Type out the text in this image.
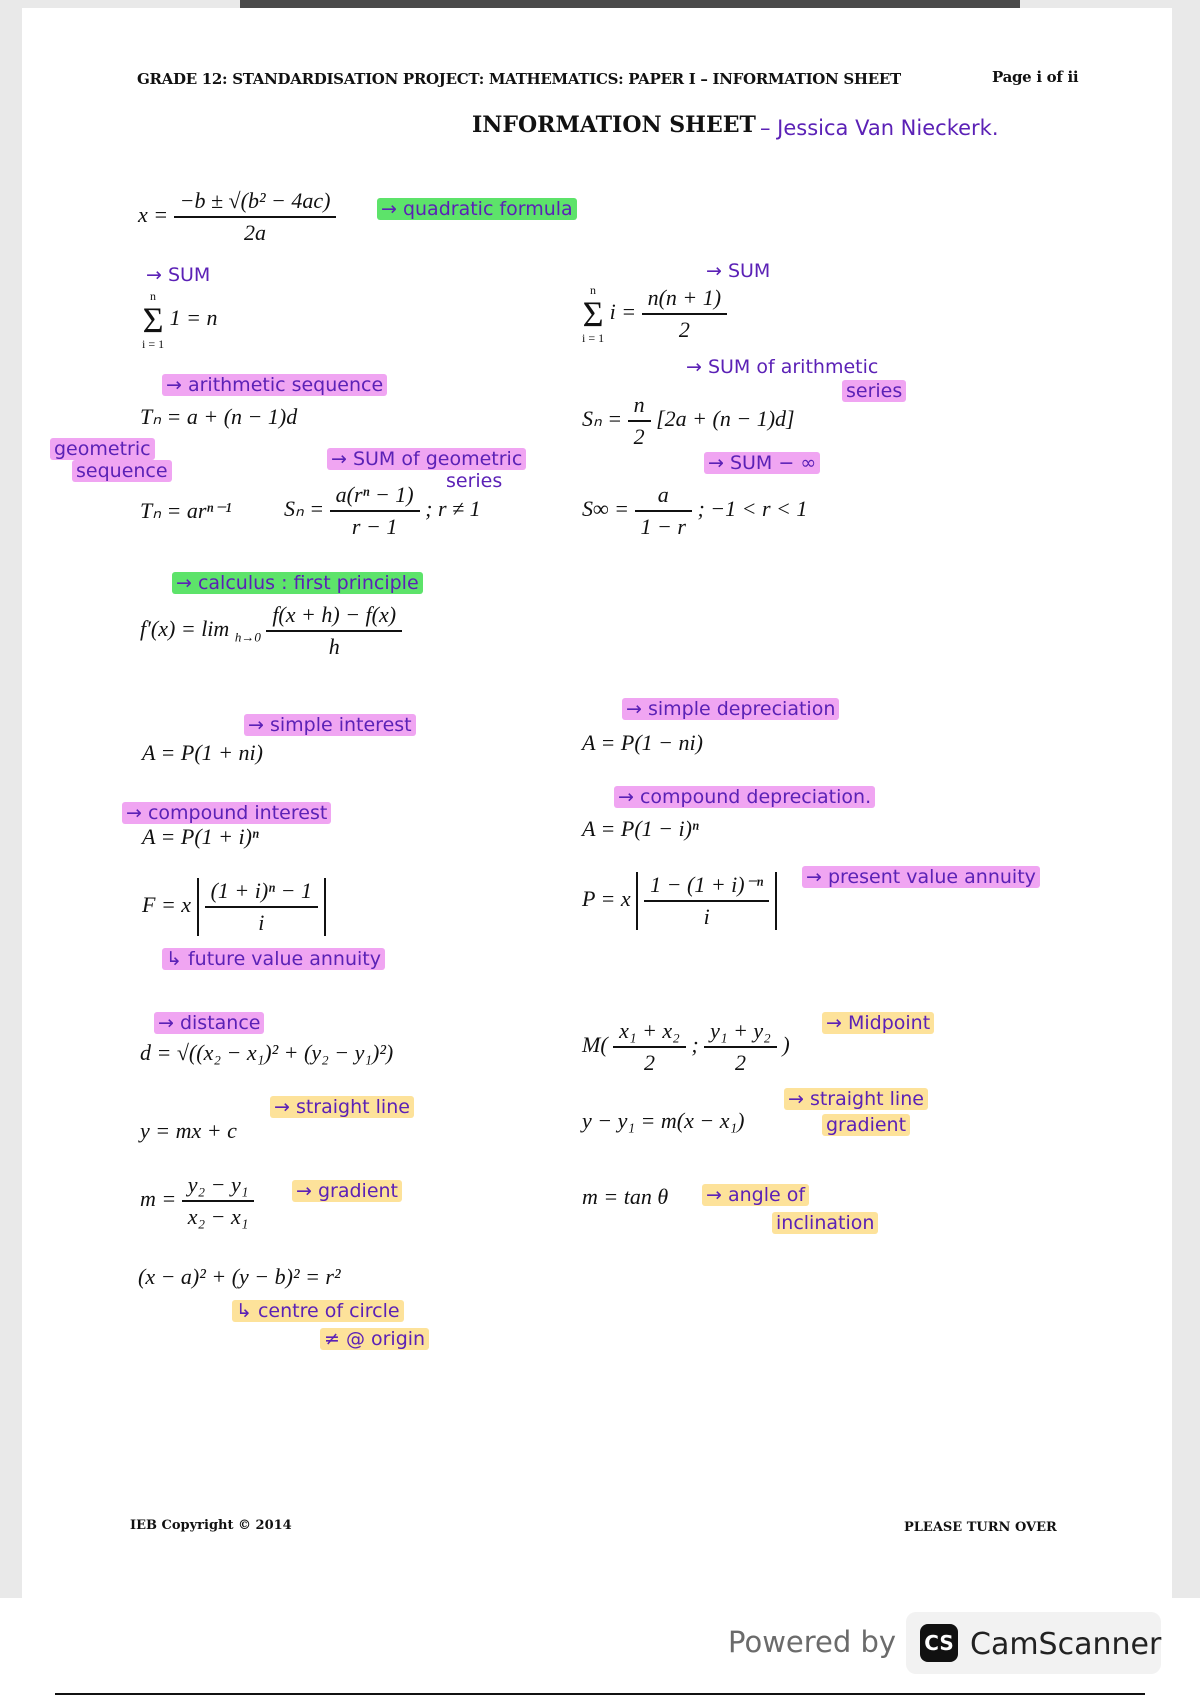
GRADE 12: STANDARDISATION PROJECT: MATHEMATICS: PAPER I – INFORMATION SHEET	Page i of ii
INFORMATION SHEET – Jessica Van Nieckerk.
$x = \frac{\text{−b ± √(b² − 4ac)}}{2a}$ → quadratic formula
→ SUM
n
Σ
i = 1
1 = n
→ SUM
n
Σ
i = 1
$i = \frac{n(n + 1)}{2}$
→ arithmetic sequence
Tₙ = a + (n − 1)d
→ SUM of arithmetic
series
$S_n = \frac{n}{2} [2a + (n - 1)d]$
geometric
sequence
Tₙ = arⁿ⁻¹
→ SUM of geometric
series
$S_n = \frac{\text{a(rⁿ − 1)}}{r - 1}$ ; r ≠ 1
→ SUM − ∞
$S\infty = \frac{a}{1 - r}$ ; −1 < r < 1
→ calculus : first principle
$f'(x) = \lim _{h\to 0} \frac{f(x + h) - f(x)}{h}$
→ simple interest
A = P(1 + ni)
→ simple depreciation
A = P(1 − ni)
→ compound interest
A = P(1 + i)ⁿ
→ compound depreciation.
A = P(1 − i)ⁿ
F = x $\frac{\text{(1 + i)ⁿ − 1}}{i}$
↳ future value annuity
P = x $\frac{\text{1 − (1 + i)⁻ⁿ}}{i}$ → present value annuity
→ distance
d = √((x₂ − x₁)² + (y₂ − y₁)²)	$M( \frac{\text{x₁ + x₂}}{2}$ ; $\frac{\text{y₁ + y₂}}{2}$ )
→ Midpoint
→ straight line
y = mx + c
→ straight line
gradient
y − y₁ = m(x − x₁)
$m = \frac{\text{y₂ − y₁}}{\text{x₂ − x₁}}$ → gradient	m = tan θ → angle of
inclination
(x − a)² + (y − b)² = r²
↳ centre of circle
≠ @ origin
IEB Copyright © 2014	PLEASE TURN OVER
Powered by CS CamScanner
